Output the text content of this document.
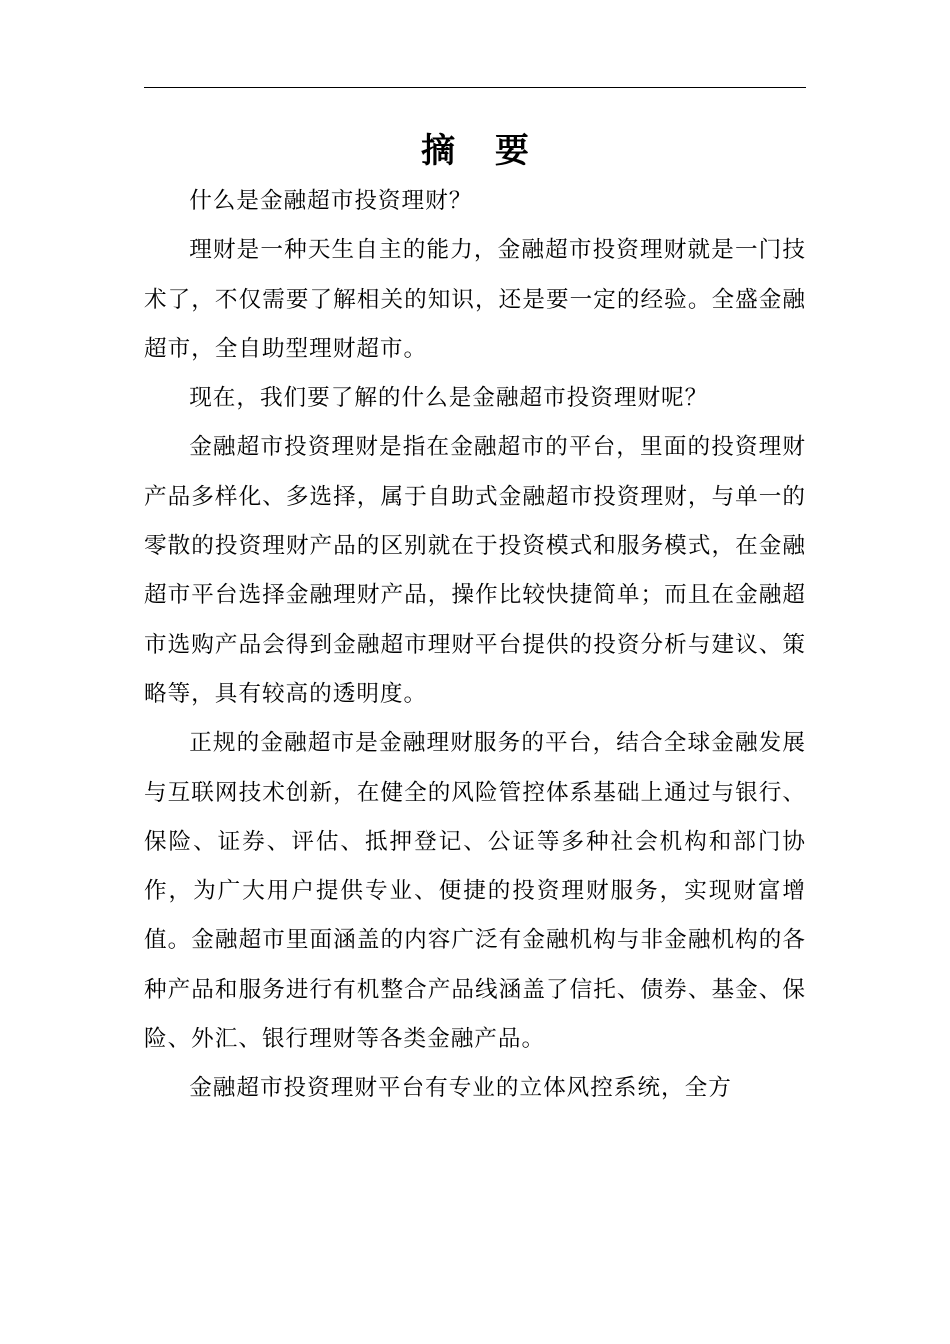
摘 要

什么是金融超市投资理财？

理财是一种天生自主的能力，金融超市投资理财就是一门技术了，不仅需要了解相关的知识，还是要一定的经验。全盛金融超市，全自助型理财超市。

现在，我们要了解的什么是金融超市投资理财呢？

金融超市投资理财是指在金融超市的平台，里面的投资理财产品多样化、多选择，属于自助式金融超市投资理财，与单一的零散的投资理财产品的区别就在于投资模式和服务模式，在金融超市平台选择金融理财产品，操作比较快捷简单；而且在金融超市选购产品会得到金融超市理财平台提供的投资分析与建议、策略等，具有较高的透明度。

正规的金融超市是金融理财服务的平台，结合全球金融发展与互联网技术创新，在健全的风险管控体系基础上通过与银行、保险、证券、评估、抵押登记、公证等多种社会机构和部门协作，为广大用户提供专业、便捷的投资理财服务，实现财富增值。金融超市里面涵盖的内容广泛有金融机构与非金融机构的各种产品和服务进行有机整合产品线涵盖了信托、债券、基金、保险、外汇、银行理财等各类金融产品。

金融超市投资理财平台有专业的立体风控系统，全方
